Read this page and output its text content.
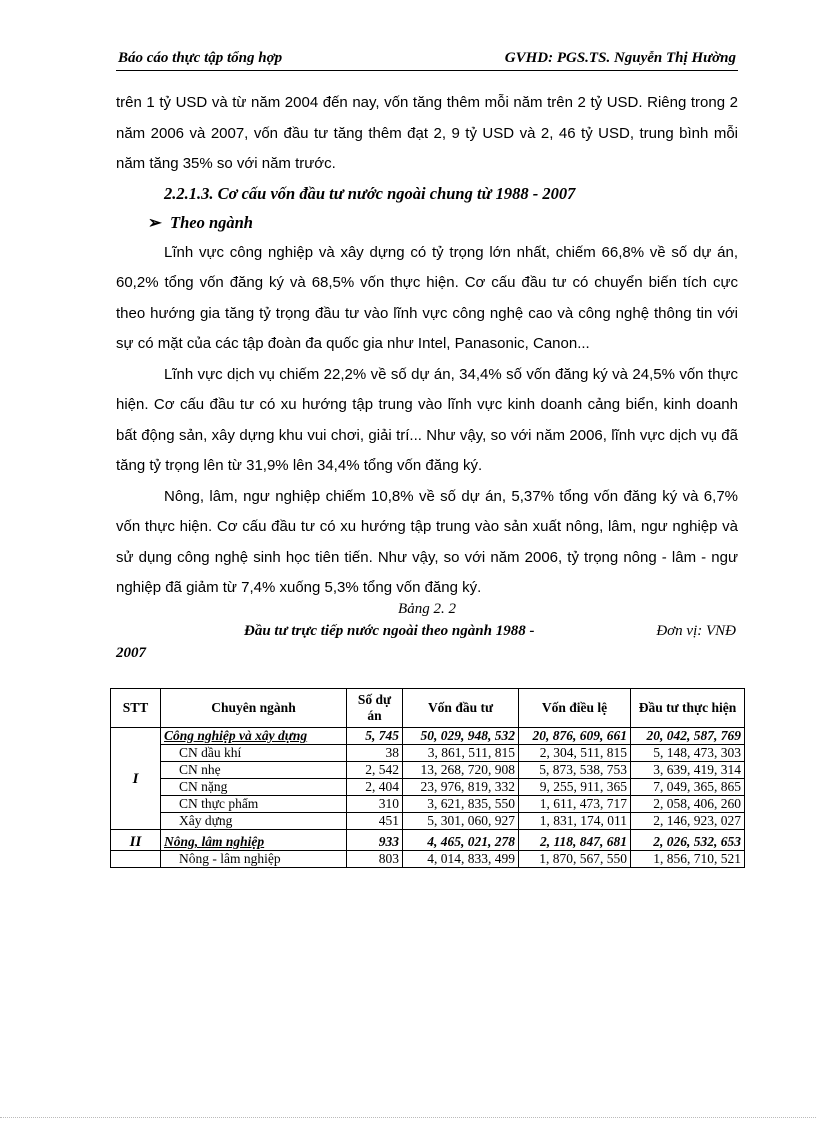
Báo cáo thực tập tổng hợp	GVHD: PGS.TS. Nguyễn Thị Hường

trên 1 tỷ USD và từ năm 2004 đến nay, vốn tăng thêm mỗi năm trên 2 tỷ USD. Riêng trong 2 năm 2006 và 2007, vốn đầu tư tăng thêm đạt 2, 9 tỷ USD và 2, 46 tỷ USD, trung bình mỗi năm tăng 35% so với năm trước.

2.2.1.3. Cơ cấu vốn đầu tư nước ngoài chung từ 1988 - 2007

➢ Theo ngành

Lĩnh vực công nghiệp và xây dựng có tỷ trọng lớn nhất, chiếm 66,8% về số dự án, 60,2% tổng vốn đăng ký và 68,5% vốn thực hiện. Cơ cấu đầu tư có chuyển biến tích cực theo hướng gia tăng tỷ trọng đầu tư vào lĩnh vực công nghệ cao và công nghệ thông tin với sự có mặt của các tập đoàn đa quốc gia như Intel, Panasonic, Canon...

Lĩnh vực dịch vụ chiếm 22,2% về số dự án, 34,4% số vốn đăng ký và 24,5% vốn thực hiện. Cơ cấu đầu tư có xu hướng tập trung vào lĩnh vực kinh doanh cảng biển, kinh doanh bất động sản, xây dựng khu vui chơi, giải trí... Như vậy, so với năm 2006, lĩnh vực dịch vụ đã tăng tỷ trọng lên từ 31,9% lên 34,4% tổng vốn đăng ký.

Nông, lâm, ngư nghiệp chiếm 10,8% về số dự án, 5,37% tổng vốn đăng ký và 6,7% vốn thực hiện. Cơ cấu đầu tư có xu hướng tập trung vào sản xuất nông, lâm, ngư nghiệp và sử dụng công nghệ sinh học tiên tiến. Như vậy, so với năm 2006, tỷ trọng nông - lâm - ngư nghiệp đã giảm từ 7,4% xuống 5,3% tổng vốn đăng ký.

Bảng 2. 2
Đầu tư trực tiếp nước ngoài theo ngành 1988 -	Đơn vị: VNĐ
2007
STT	Chuyên ngành	Số dự án	Vốn đầu tư	Vốn điều lệ	Đầu tư thực hiện
I	Công nghiệp và xây dựng	5, 745	50, 029, 948, 532	20, 876, 609, 661	20, 042, 587, 769
	CN dầu khí	38	3, 861, 511, 815	2, 304, 511, 815	5, 148, 473, 303
	CN nhẹ	2, 542	13, 268, 720, 908	5, 873, 538, 753	3, 639, 419, 314
	CN nặng	2, 404	23, 976, 819, 332	9, 255, 911, 365	7, 049, 365, 865
	CN thực phẩm	310	3, 621, 835, 550	1, 611, 473, 717	2, 058, 406, 260
	Xây dựng	451	5, 301, 060, 927	1, 831, 174, 011	2, 146, 923, 027
II	Nông, lâm nghiệp	933	4, 465, 021, 278	2, 118, 847, 681	2, 026, 532, 653
	Nông - lâm nghiệp	803	4, 014, 833, 499	1, 870, 567, 550	1, 856, 710, 521
